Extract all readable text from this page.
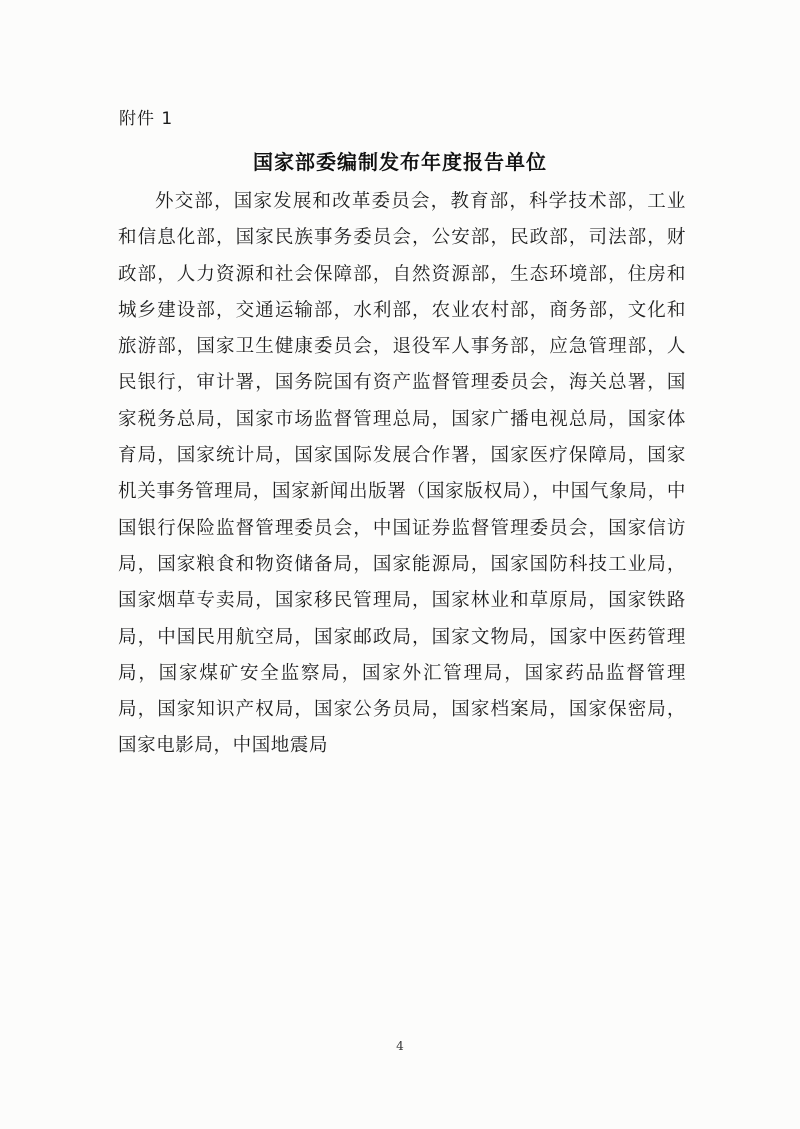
附件 1
国家部委编制发布年度报告单位
外交部，国家发展和改革委员会，教育部，科学技术部，工业和信息化部，国家民族事务委员会，公安部，民政部，司法部，财政部，人力资源和社会保障部，自然资源部，生态环境部，住房和城乡建设部，交通运输部，水利部，农业农村部，商务部，文化和旅游部，国家卫生健康委员会，退役军人事务部，应急管理部，人民银行，审计署，国务院国有资产监督管理委员会，海关总署，国家税务总局，国家市场监督管理总局，国家广播电视总局，国家体育局，国家统计局，国家国际发展合作署，国家医疗保障局，国家机关事务管理局，国家新闻出版署（国家版权局），中国气象局，中国银行保险监督管理委员会，中国证券监督管理委员会，国家信访局，国家粮食和物资储备局，国家能源局，国家国防科技工业局，国家烟草专卖局，国家移民管理局，国家林业和草原局，国家铁路局，中国民用航空局，国家邮政局，国家文物局，国家中医药管理局，国家煤矿安全监察局，国家外汇管理局，国家药品监督管理局，国家知识产权局，国家公务员局，国家档案局，国家保密局，国家电影局，中国地震局
4
